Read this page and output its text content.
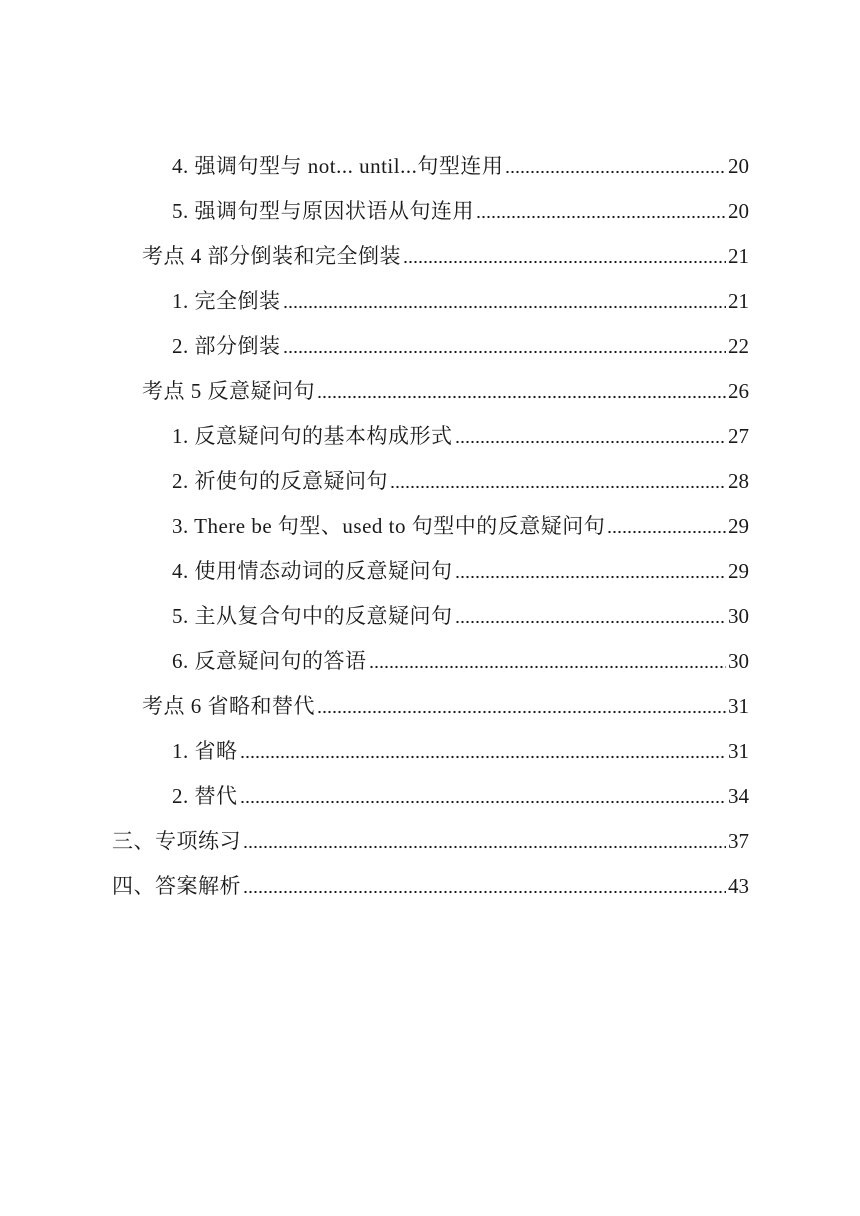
4. 强调句型与 not... until...句型连用	20
5. 强调句型与原因状语从句连用	20
考点 4 部分倒装和完全倒装	21
1. 完全倒装	21
2. 部分倒装	22
考点 5 反意疑问句	26
1. 反意疑问句的基本构成形式	27
2. 祈使句的反意疑问句	28
3. There be 句型、used to 句型中的反意疑问句	29
4. 使用情态动词的反意疑问句	29
5. 主从复合句中的反意疑问句	30
6. 反意疑问句的答语	30
考点 6 省略和替代	31
1. 省略	31
2. 替代	34
三、专项练习	37
四、答案解析	43
